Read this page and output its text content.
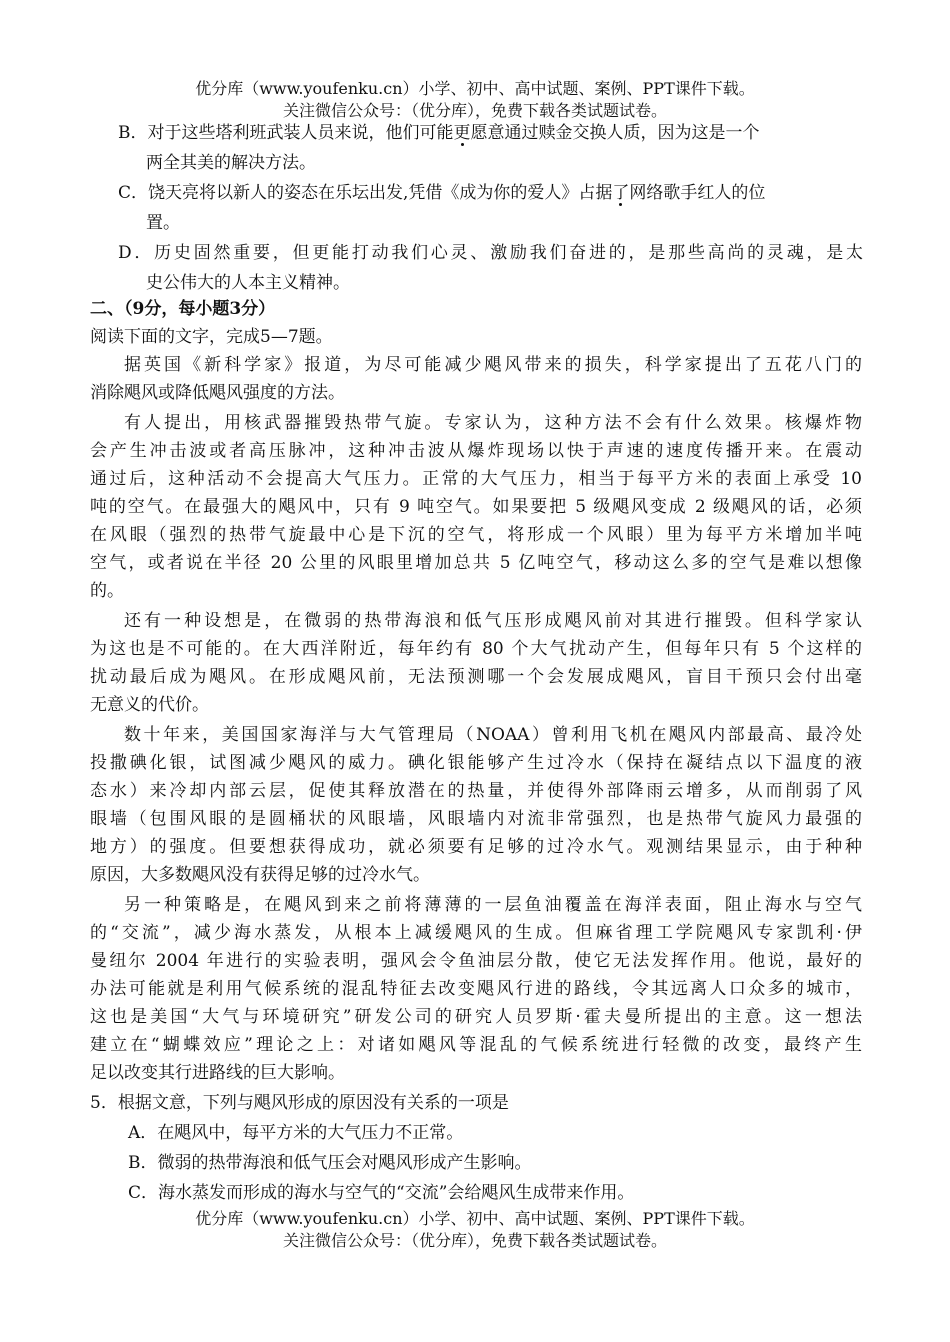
优分库（www.youfenku.cn）小学、初中、高中试题、案例、PPT课件下载。
关注微信公众号：（优分库），免费下载各类试题试卷。
B．对于这些塔利班武装人员来说，他们可能更愿意通过赎金交换人质，因为这是一个
两全其美的解决方法。
C．饶天亮将以新人的姿态在乐坛出发,凭借《成为你的爱人》占据了网络歌手红人的位
置。
D．历史固然重要，但更能打动我们心灵、激励我们奋进的，是那些高尚的灵魂，是太
史公伟大的人本主义精神。
二、（9分，每小题3分）
阅读下面的文字，完成5—7题。
据英国《新科学家》报道，为尽可能减少飓风带来的损失，科学家提出了五花八门的
消除飓风或降低飓风强度的方法。
有人提出，用核武器摧毁热带气旋。专家认为，这种方法不会有什么效果。核爆炸物
会产生冲击波或者高压脉冲，这种冲击波从爆炸现场以快于声速的速度传播开来。在震动
通过后，这种活动不会提高大气压力。正常的大气压力，相当于每平方米的表面上承受 10
吨的空气。在最强大的飓风中，只有 9 吨空气。如果要把 5 级飓风变成 2 级飓风的话，必须
在风眼（强烈的热带气旋最中心是下沉的空气，将形成一个风眼）里为每平方米增加半吨
空气，或者说在半径 20 公里的风眼里增加总共 5 亿吨空气，移动这么多的空气是难以想像
的。
还有一种设想是，在微弱的热带海浪和低气压形成飓风前对其进行摧毁。但科学家认
为这也是不可能的。在大西洋附近，每年约有 80 个大气扰动产生，但每年只有 5 个这样的
扰动最后成为飓风。在形成飓风前，无法预测哪一个会发展成飓风，盲目干预只会付出毫
无意义的代价。
数十年来，美国国家海洋与大气管理局（NOAA）曾利用飞机在飓风内部最高、最冷处
投撒碘化银，试图减少飓风的威力。碘化银能够产生过冷水（保持在凝结点以下温度的液
态水）来冷却内部云层，促使其释放潜在的热量，并使得外部降雨云增多，从而削弱了风
眼墙（包围风眼的是圆桶状的风眼墙，风眼墙内对流非常强烈，也是热带气旋风力最强的
地方）的强度。但要想获得成功，就必须要有足够的过冷水气。观测结果显示，由于种种
原因，大多数飓风没有获得足够的过冷水气。
另一种策略是，在飓风到来之前将薄薄的一层鱼油覆盖在海洋表面，阻止海水与空气
的“交流”，减少海水蒸发，从根本上减缓飓风的生成。但麻省理工学院飓风专家凯利·伊
曼纽尔 2004 年进行的实验表明，强风会令鱼油层分散，使它无法发挥作用。他说，最好的
办法可能就是利用气候系统的混乱特征去改变飓风行进的路线，令其远离人口众多的城市，
这也是美国“大气与环境研究”研发公司的研究人员罗斯·霍夫曼所提出的主意。这一想法
建立在“蝴蝶效应”理论之上：对诸如飓风等混乱的气候系统进行轻微的改变，最终产生
足以改变其行进路线的巨大影响。
5．根据文意，下列与飓风形成的原因没有关系的一项是
A．在飓风中，每平方米的大气压力不正常。
B．微弱的热带海浪和低气压会对飓风形成产生影响。
C．海水蒸发而形成的海水与空气的“交流”会给飓风生成带来作用。
优分库（www.youfenku.cn）小学、初中、高中试题、案例、PPT课件下载。
关注微信公众号：（优分库），免费下载各类试题试卷。
